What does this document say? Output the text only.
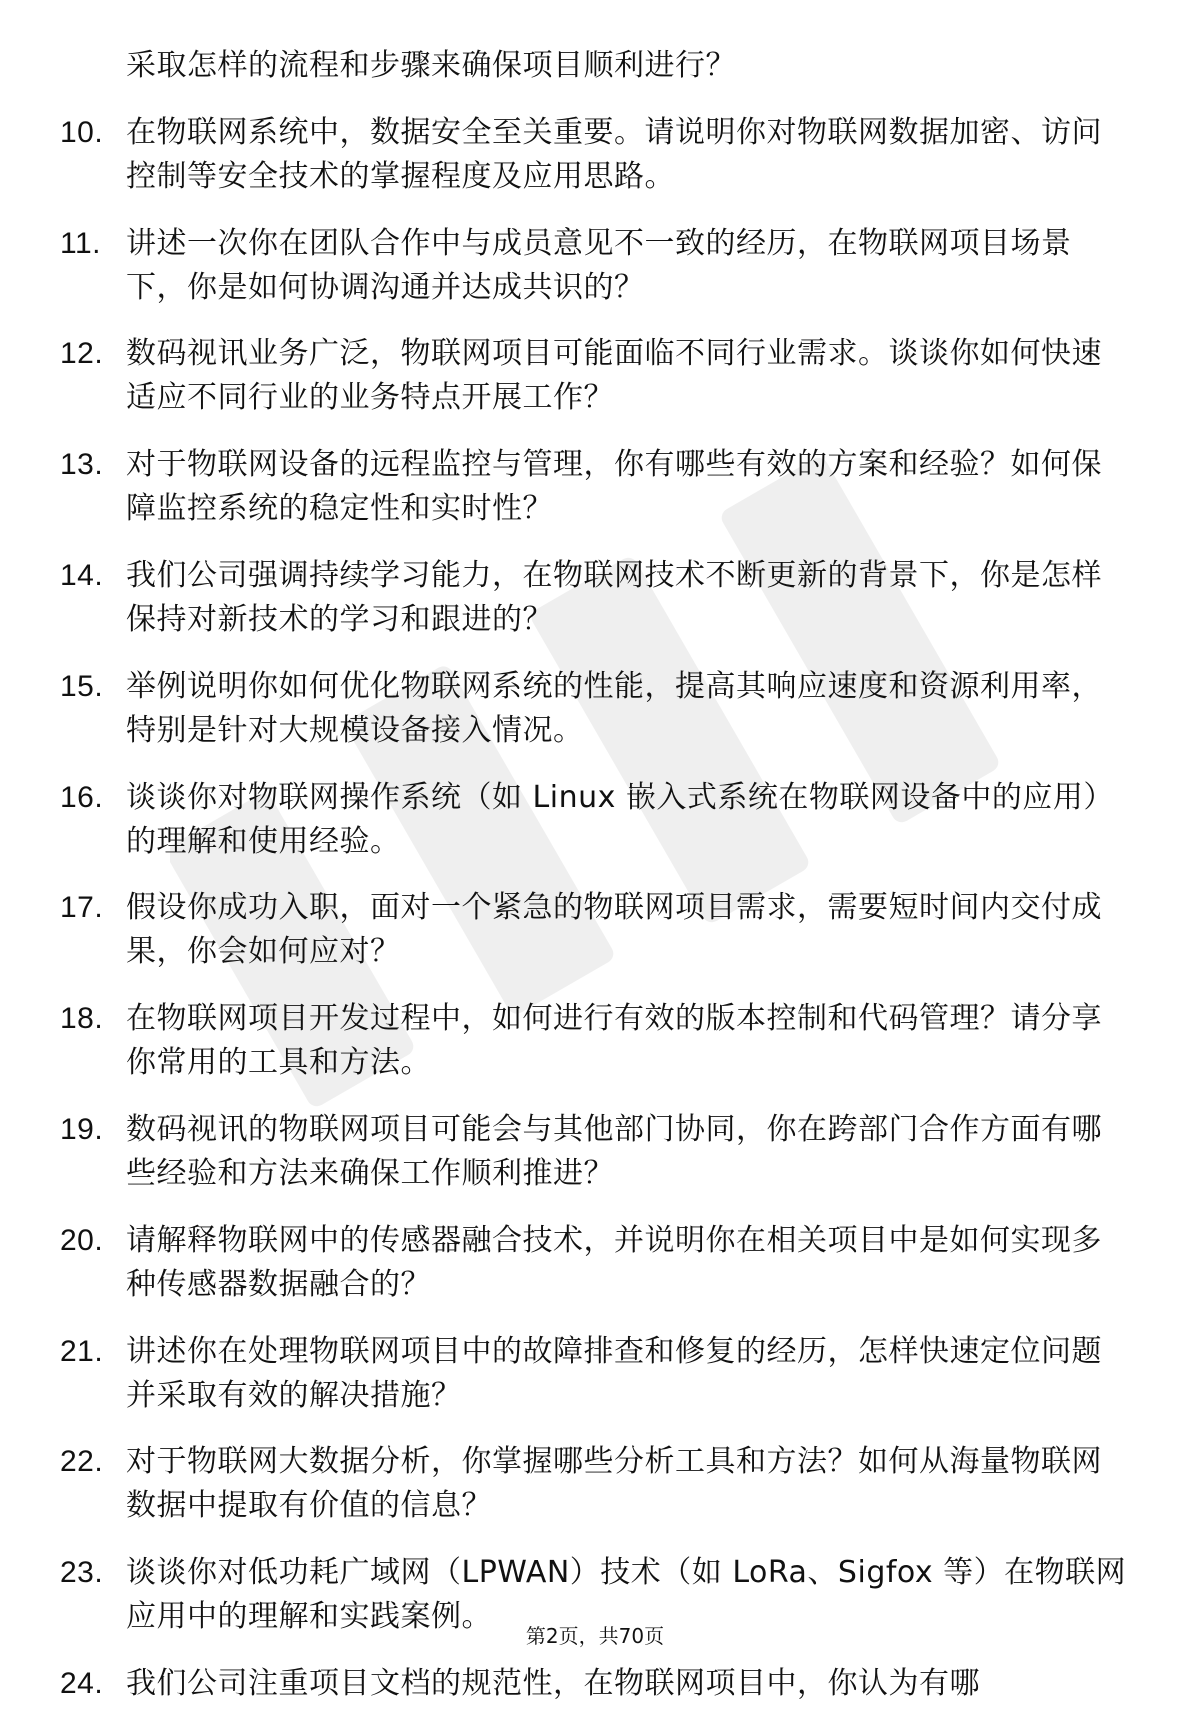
采取怎样的流程和步骤来确保项目顺利进行？
10. 在物联网系统中，数据安全至关重要。请说明你对物联网数据加密、访问控制等安全技术的掌握程度及应用思路。
11. 讲述一次你在团队合作中与成员意见不一致的经历，在物联网项目场景下，你是如何协调沟通并达成共识的？
12. 数码视讯业务广泛，物联网项目可能面临不同行业需求。谈谈你如何快速适应不同行业的业务特点开展工作？
13. 对于物联网设备的远程监控与管理，你有哪些有效的方案和经验？如何保障监控系统的稳定性和实时性？
14. 我们公司强调持续学习能力，在物联网技术不断更新的背景下，你是怎样保持对新技术的学习和跟进的？
15. 举例说明你如何优化物联网系统的性能，提高其响应速度和资源利用率，特别是针对大规模设备接入情况。
16. 谈谈你对物联网操作系统（如 Linux 嵌入式系统在物联网设备中的应用）的理解和使用经验。
17. 假设你成功入职，面对一个紧急的物联网项目需求，需要短时间内交付成果，你会如何应对？
18. 在物联网项目开发过程中，如何进行有效的版本控制和代码管理？请分享你常用的工具和方法。
19. 数码视讯的物联网项目可能会与其他部门协同，你在跨部门合作方面有哪些经验和方法来确保工作顺利推进？
20. 请解释物联网中的传感器融合技术，并说明你在相关项目中是如何实现多种传感器数据融合的？
21. 讲述你在处理物联网项目中的故障排查和修复的经历，怎样快速定位问题并采取有效的解决措施？
22. 对于物联网大数据分析，你掌握哪些分析工具和方法？如何从海量物联网数据中提取有价值的信息？
23. 谈谈你对低功耗广域网（LPWAN）技术（如 LoRa、Sigfox 等）在物联网应用中的理解和实践案例。
24. 我们公司注重项目文档的规范性，在物联网项目中，你认为有哪
第2页，共70页
